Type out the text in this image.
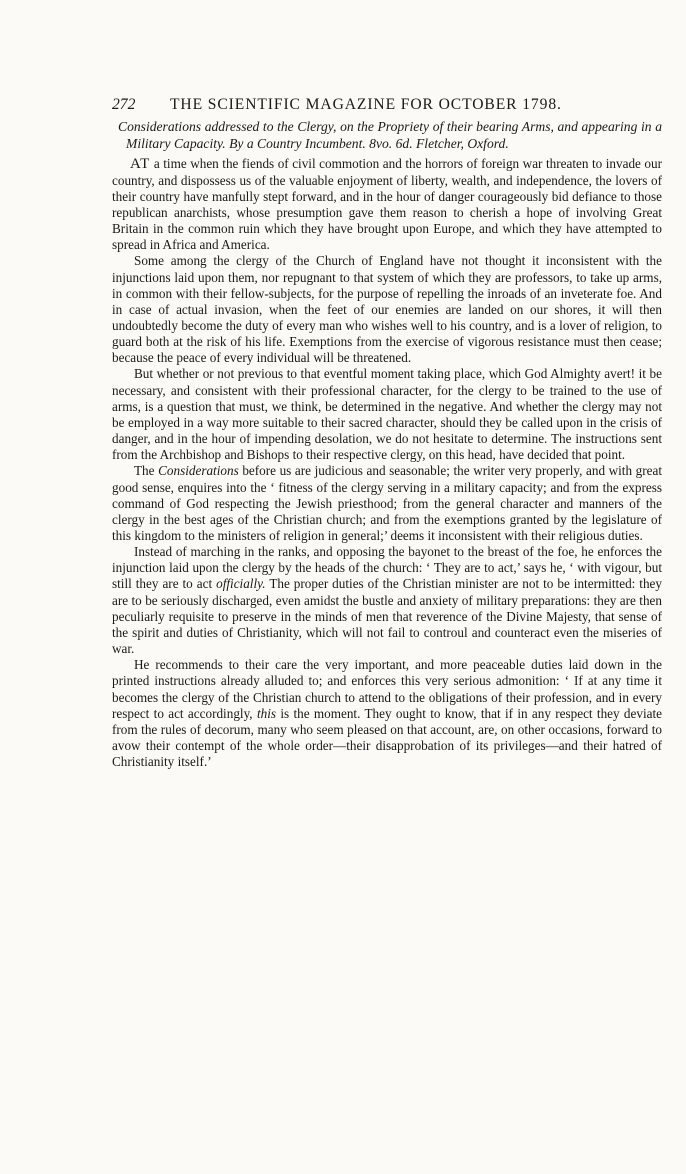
272	THE SCIENTIFIC MAGAZINE FOR OCTOBER 1798.
Considerations addressed to the Clergy, on the Propriety of their bearing Arms, and appearing in a Military Capacity. By a Country Incumbent. 8vo. 6d. Fletcher, Oxford.

AT a time when the fiends of civil commotion and the horrors of foreign war threaten to invade our country, and dispossess us of the valuable enjoyment of liberty, wealth, and independence, the lovers of their country have manfully stept forward, and in the hour of danger courageously bid defiance to those republican anarchists, whose presumption gave them reason to cherish a hope of involving Great Britain in the common ruin which they have brought upon Europe, and which they have attempted to spread in Africa and America.

Some among the clergy of the Church of England have not thought it inconsistent with the injunctions laid upon them, nor repugnant to that system of which they are professors, to take up arms, in common with their fellow-subjects, for the purpose of repelling the inroads of an inveterate foe. And in case of actual invasion, when the feet of our enemies are landed on our shores, it will then undoubtedly become the duty of every man who wishes well to his country, and is a lover of religion, to guard both at the risk of his life. Exemptions from the exercise of vigorous resistance must then cease; because the peace of every individual will be threatened.

But whether or not previous to that eventful moment taking place, which God Almighty avert! it be necessary, and consistent with their professional character, for the clergy to be trained to the use of arms, is a question that must, we think, be determined in the negative. And whether the clergy may not be employed in a way more suitable to their sacred character, should they be called upon in the crisis of danger, and in the hour of impending desolation, we do not hesitate to determine. The instructions sent from the Archbishop and Bishops to their respective clergy, on this head, have decided that point.

The Considerations before us are judicious and seasonable; the writer very properly, and with great good sense, enquires into the ‘ fitness of the clergy serving in a military capacity; and from the express command of God respecting the Jewish priesthood; from the general character and manners of the clergy in the best ages of the Christian church; and from the exemptions granted by the legislature of this kingdom to the ministers of religion in general;’ deems it inconsistent with their religious duties.

Instead of marching in the ranks, and opposing the bayonet to the breast of the foe, he enforces the injunction laid upon the clergy by the heads of the church: ‘ They are to act,’ says he, ‘ with vigour, but still they are to act officially. The proper duties of the Christian minister are not to be intermitted: they are to be seriously discharged, even amidst the bustle and anxiety of military preparations: they are then peculiarly requisite to preserve in the minds of men that reverence of the Divine Majesty, that sense of the spirit and duties of Christianity, which will not fail to controul and counteract even the miseries of war.

He recommends to their care the very important, and more peaceable duties laid down in the printed instructions already alluded to; and enforces this very serious admonition: ‘ If at any time it becomes the clergy of the Christian church to attend to the obligations of their profession, and in every respect to act accordingly, this is the moment. They ought to know, that if in any respect they deviate from the rules of decorum, many who seem pleased on that account, are, on other occasions, forward to avow their contempt of the whole order—their disapprobation of its privileges—and their hatred of Christianity itself.’
